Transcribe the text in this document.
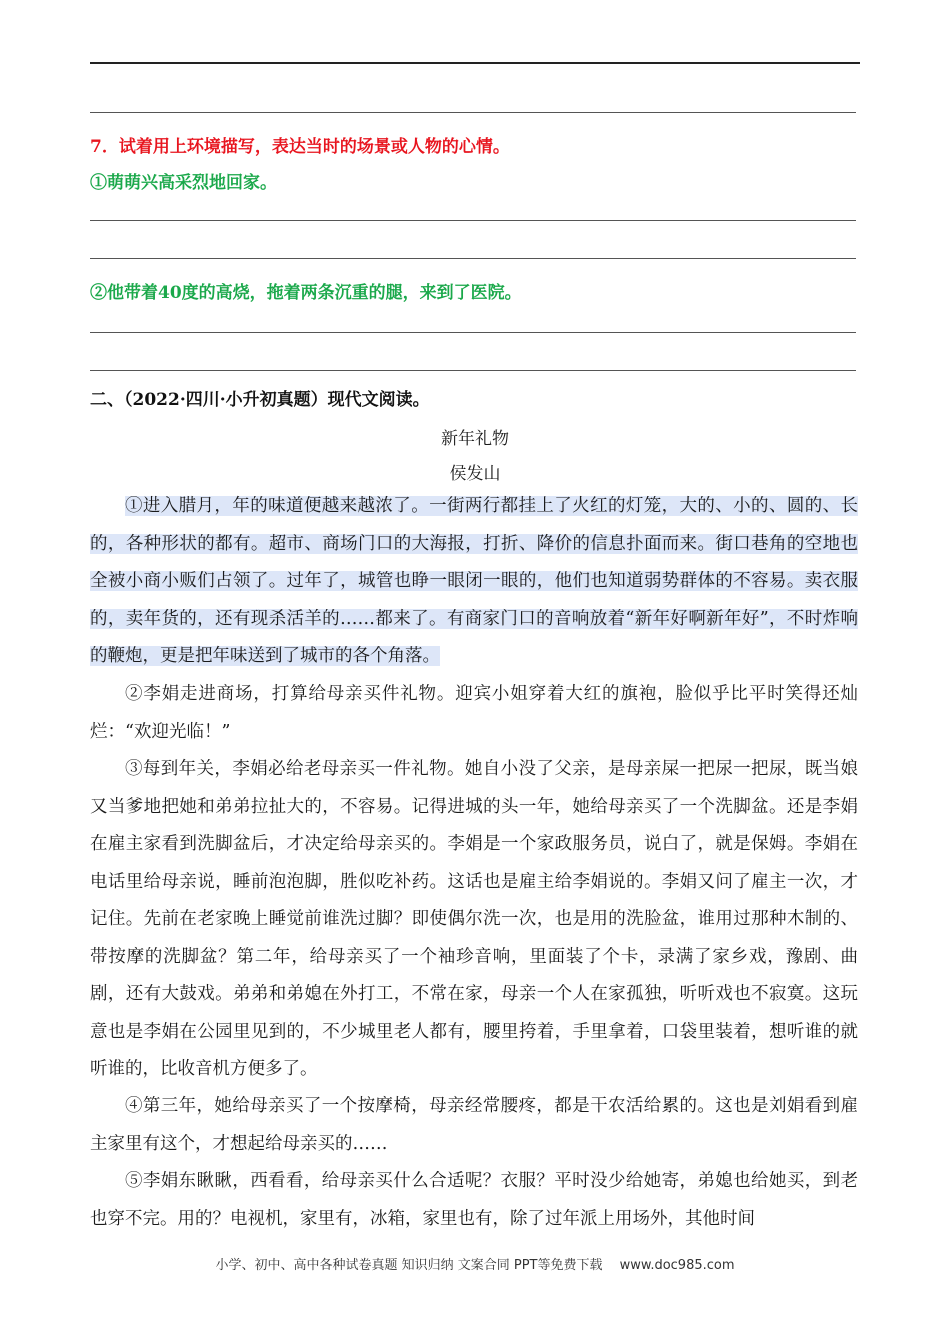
7．试着用上环境描写，表达当时的场景或人物的心情。
①萌萌兴高采烈地回家。
②他带着40度的高烧，拖着两条沉重的腿，来到了医院。
二、（2022·四川·小升初真题）现代文阅读。
新年礼物
侯发山
①进入腊月，年的味道便越来越浓了。一街两行都挂上了火红的灯笼，大的、小的、圆的、长的，各种形状的都有。超市、商场门口的大海报，打折、降价的信息扑面而来。街口巷角的空地也全被小商小贩们占领了。过年了，城管也睁一眼闭一眼的，他们也知道弱势群体的不容易。卖衣服的，卖年货的，还有现杀活羊的……都来了。有商家门口的音响放着“新年好啊新年好”，不时炸响的鞭炮，更是把年味送到了城市的各个角落。
②李娟走进商场，打算给母亲买件礼物。迎宾小姐穿着大红的旗袍，脸似乎比平时笑得还灿烂：“欢迎光临！”
③每到年关，李娟必给老母亲买一件礼物。她自小没了父亲，是母亲屎一把尿一把尿，既当娘又当爹地把她和弟弟拉扯大的，不容易。记得进城的头一年，她给母亲买了一个洗脚盆。还是李娟在雇主家看到洗脚盆后，才决定给母亲买的。李娟是一个家政服务员，说白了，就是保姆。李娟在电话里给母亲说，睡前泡泡脚，胜似吃补药。这话也是雇主给李娟说的。李娟又问了雇主一次，才记住。先前在老家晚上睡觉前谁洗过脚？即使偶尔洗一次，也是用的洗脸盆，谁用过那种木制的、带按摩的洗脚盆？第二年，给母亲买了一个袖珍音响，里面装了个卡，录满了家乡戏，豫剧、曲剧，还有大鼓戏。弟弟和弟媳在外打工，不常在家，母亲一个人在家孤独，听听戏也不寂寞。这玩意也是李娟在公园里见到的，不少城里老人都有，腰里挎着，手里拿着，口袋里装着，想听谁的就听谁的，比收音机方便多了。
④第三年，她给母亲买了一个按摩椅，母亲经常腰疼，都是干农活给累的。这也是刘娟看到雇主家里有这个，才想起给母亲买的……
⑤李娟东瞅瞅，西看看，给母亲买什么合适呢？衣服？平时没少给她寄，弟媳也给她买，到老也穿不完。用的？电视机，家里有，冰箱，家里也有，除了过年派上用场外，其他时间
小学、初中、高中各种试卷真题 知识归纳 文案合同 PPT等免费下载　 www.doc985.com
